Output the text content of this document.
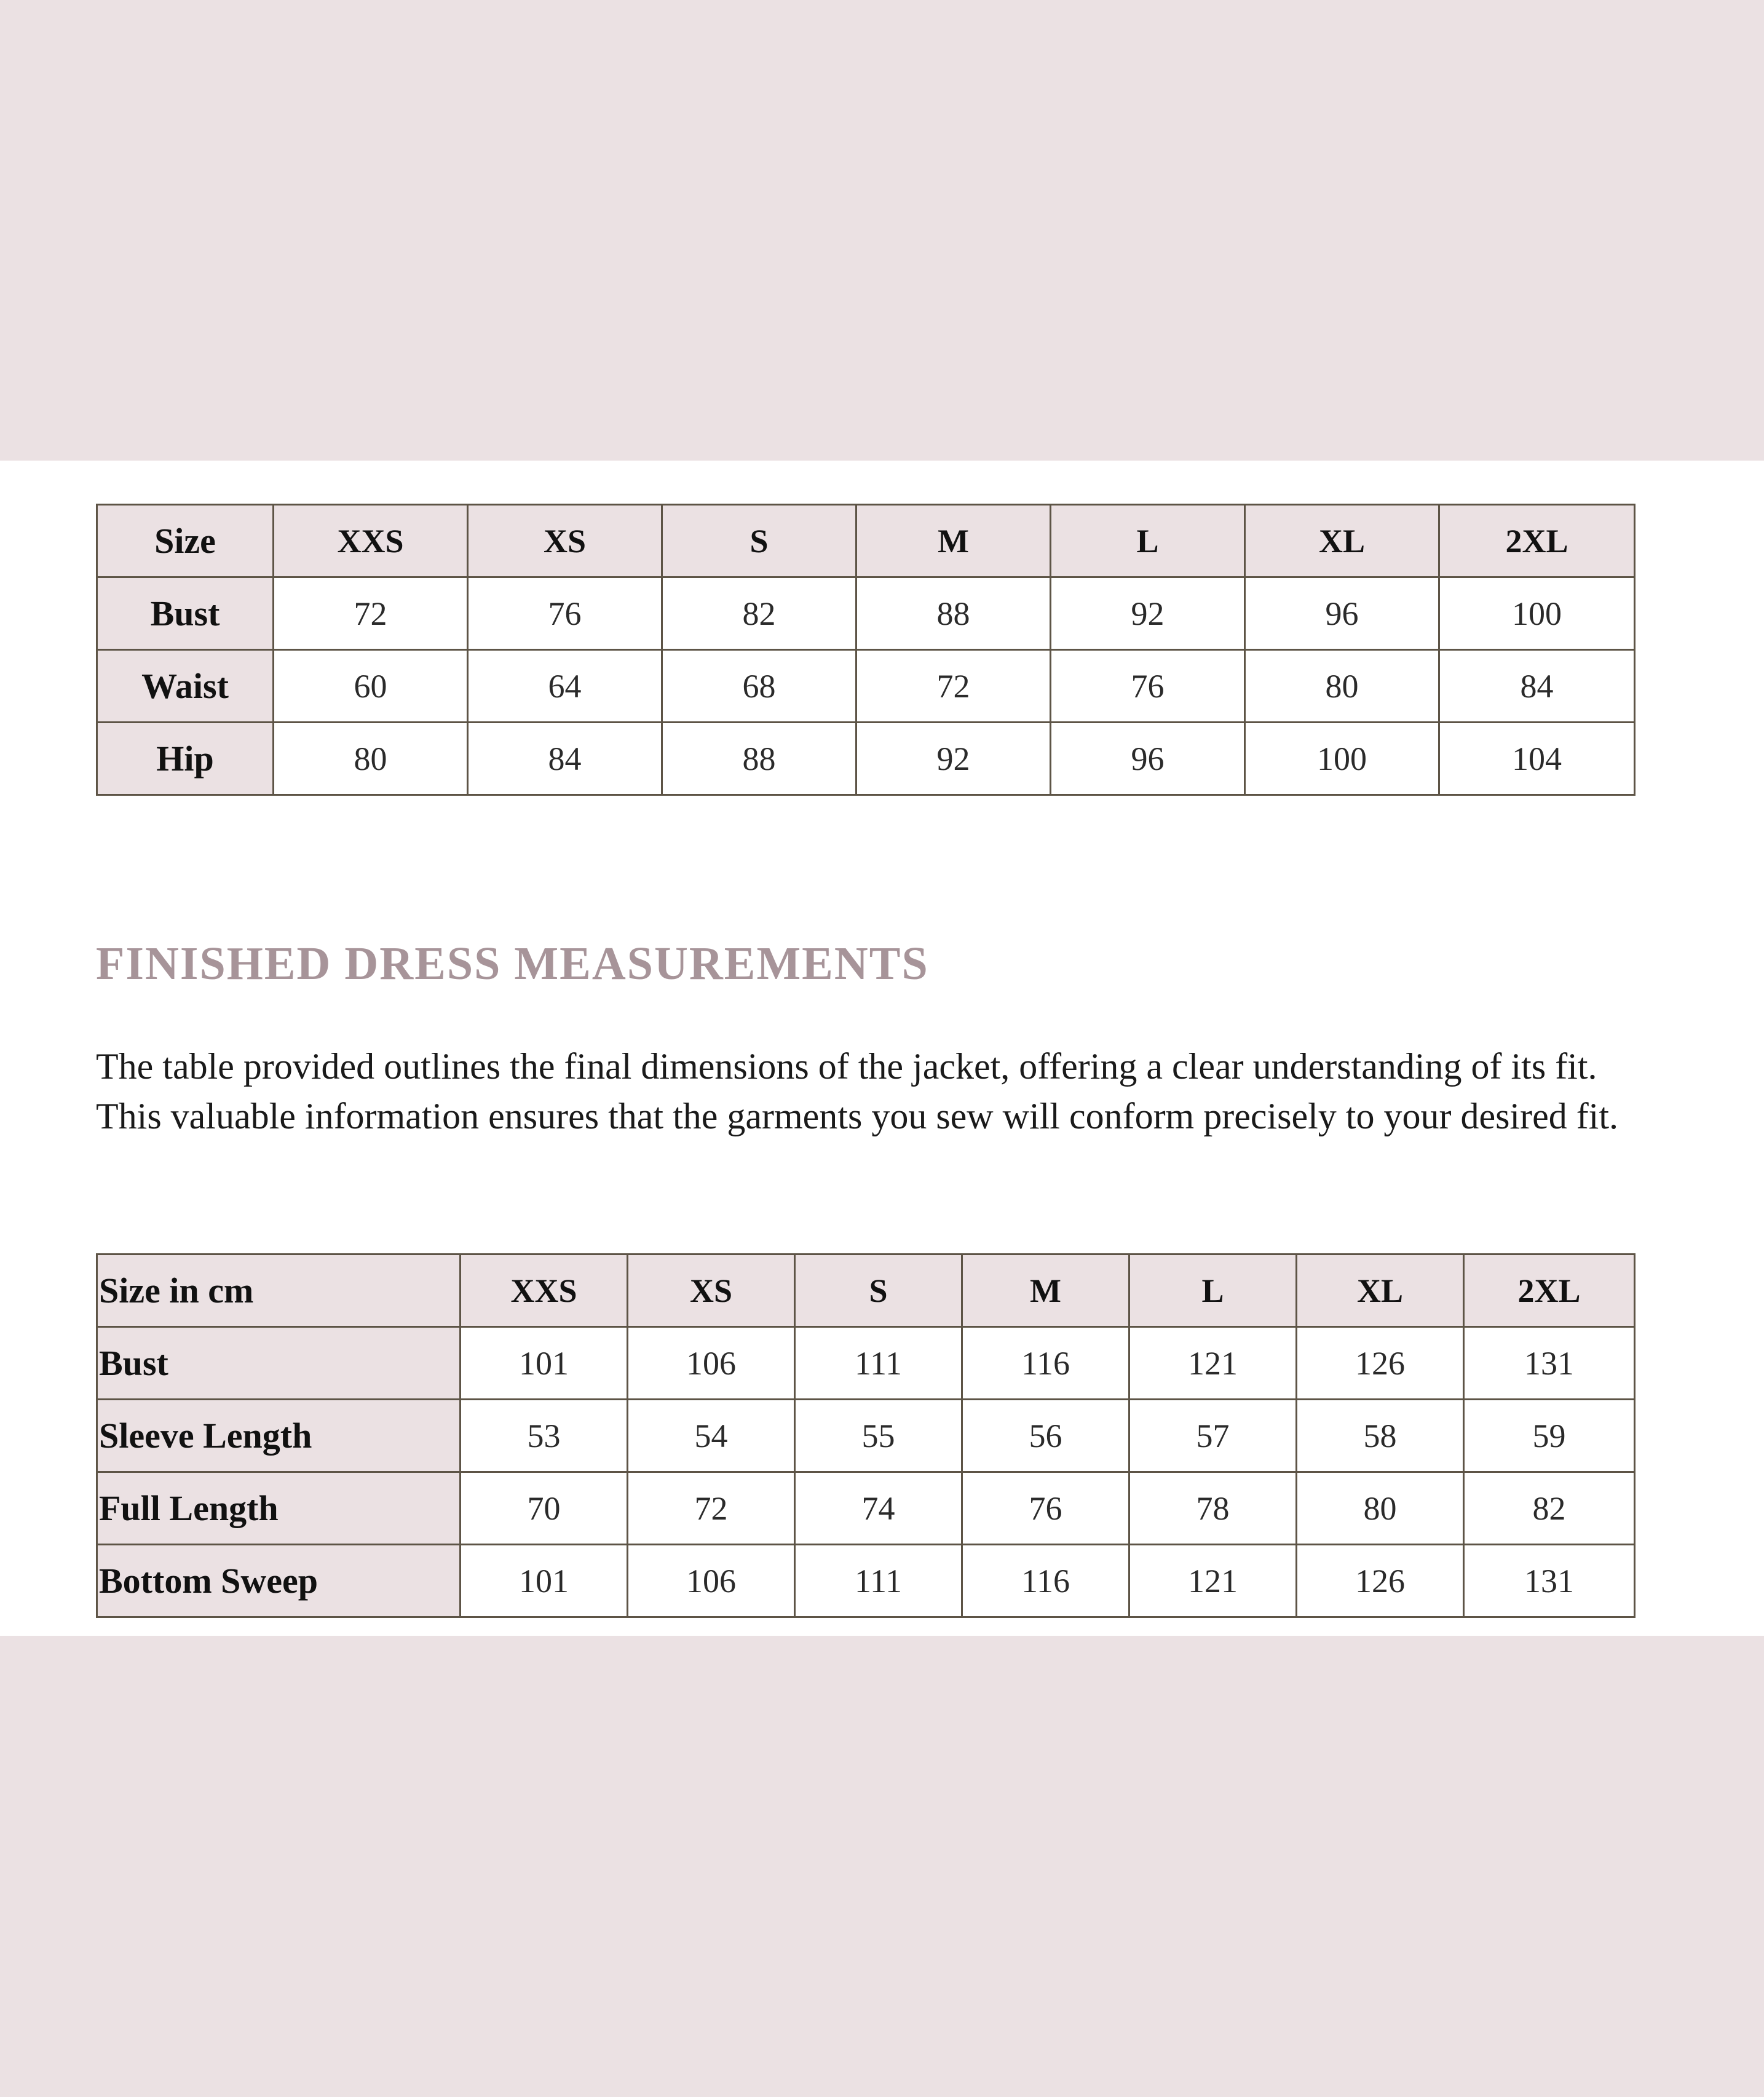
Size	XXS	XS	S	M	L	XL	2XL
Bust	72	76	82	88	92	96	100
Waist	60	64	68	72	76	80	84
Hip	80	84	88	92	96	100	104
FINISHED DRESS MEASUREMENTS

The table provided outlines the final dimensions of the jacket, offering a clear understanding of its fit. This valuable information ensures that the garments you sew will conform precisely to your desired fit.

Size in cm	XXS	XS	S	M	L	XL	2XL
Bust	101	106	111	116	121	126	131
Sleeve Length	53	54	55	56	57	58	59
Full Length	70	72	74	76	78	80	82
Bottom Sweep	101	106	111	116	121	126	131
